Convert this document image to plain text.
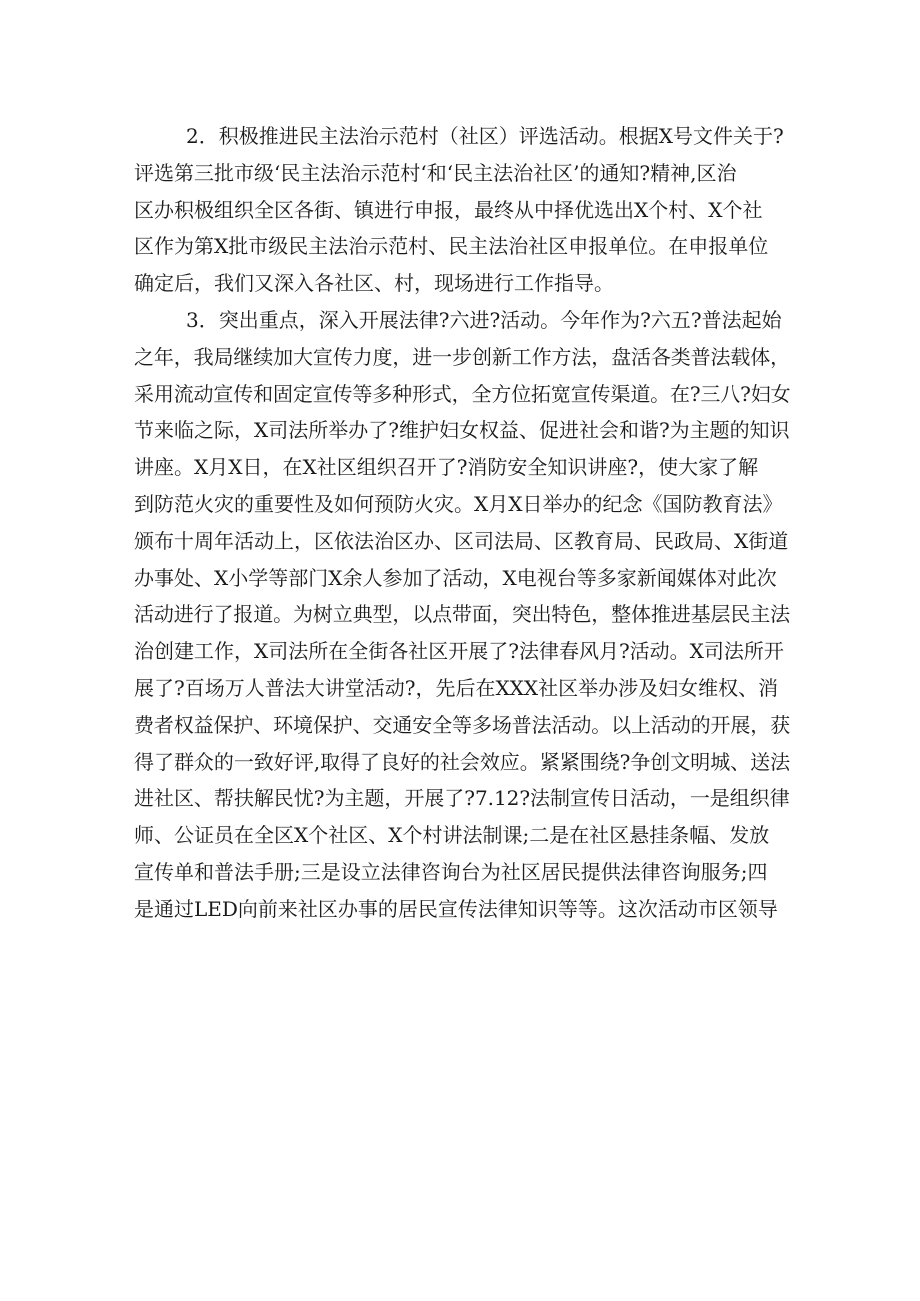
2．积极推进民主法治示范村（社区）评选活动。根据X号文件关于?
评选第三批市级‘民主法治示范村‘和‘民主法治社区’的通知?精神,区治
区办积极组织全区各街、镇进行申报，最终从中择优选出X个村、X个社
区作为第X批市级民主法治示范村、民主法治社区申报单位。在申报单位
确定后，我们又深入各社区、村，现场进行工作指导。
3．突出重点，深入开展法律?六进?活动。今年作为?六五?普法起始
之年，我局继续加大宣传力度，进一步创新工作方法，盘活各类普法载体，
采用流动宣传和固定宣传等多种形式，全方位拓宽宣传渠道。在?三八?妇女
节来临之际，X司法所举办了?维护妇女权益、促进社会和谐?为主题的知识
讲座。X月X日，在X社区组织召开了?消防安全知识讲座?，使大家了解
到防范火灾的重要性及如何预防火灾。X月X日举办的纪念《国防教育法》
颁布十周年活动上，区依法治区办、区司法局、区教育局、民政局、X街道
办事处、X小学等部门X余人参加了活动，X电视台等多家新闻媒体对此次
活动进行了报道。为树立典型，以点带面，突出特色，整体推进基层民主法
治创建工作，X司法所在全街各社区开展了?法律春风月?活动。X司法所开
展了?百场万人普法大讲堂活动?，先后在XXX社区举办涉及妇女维权、消
费者权益保护、环境保护、交通安全等多场普法活动。以上活动的开展，获
得了群众的一致好评,取得了良好的社会效应。紧紧围绕?争创文明城、送法
进社区、帮扶解民忧?为主题，开展了?7.12?法制宣传日活动，一是组织律
师、公证员在全区X个社区、X个村讲法制课;二是在社区悬挂条幅、发放
宣传单和普法手册;三是设立法律咨询台为社区居民提供法律咨询服务;四
是通过LED向前来社区办事的居民宣传法律知识等等。这次活动市区领导
